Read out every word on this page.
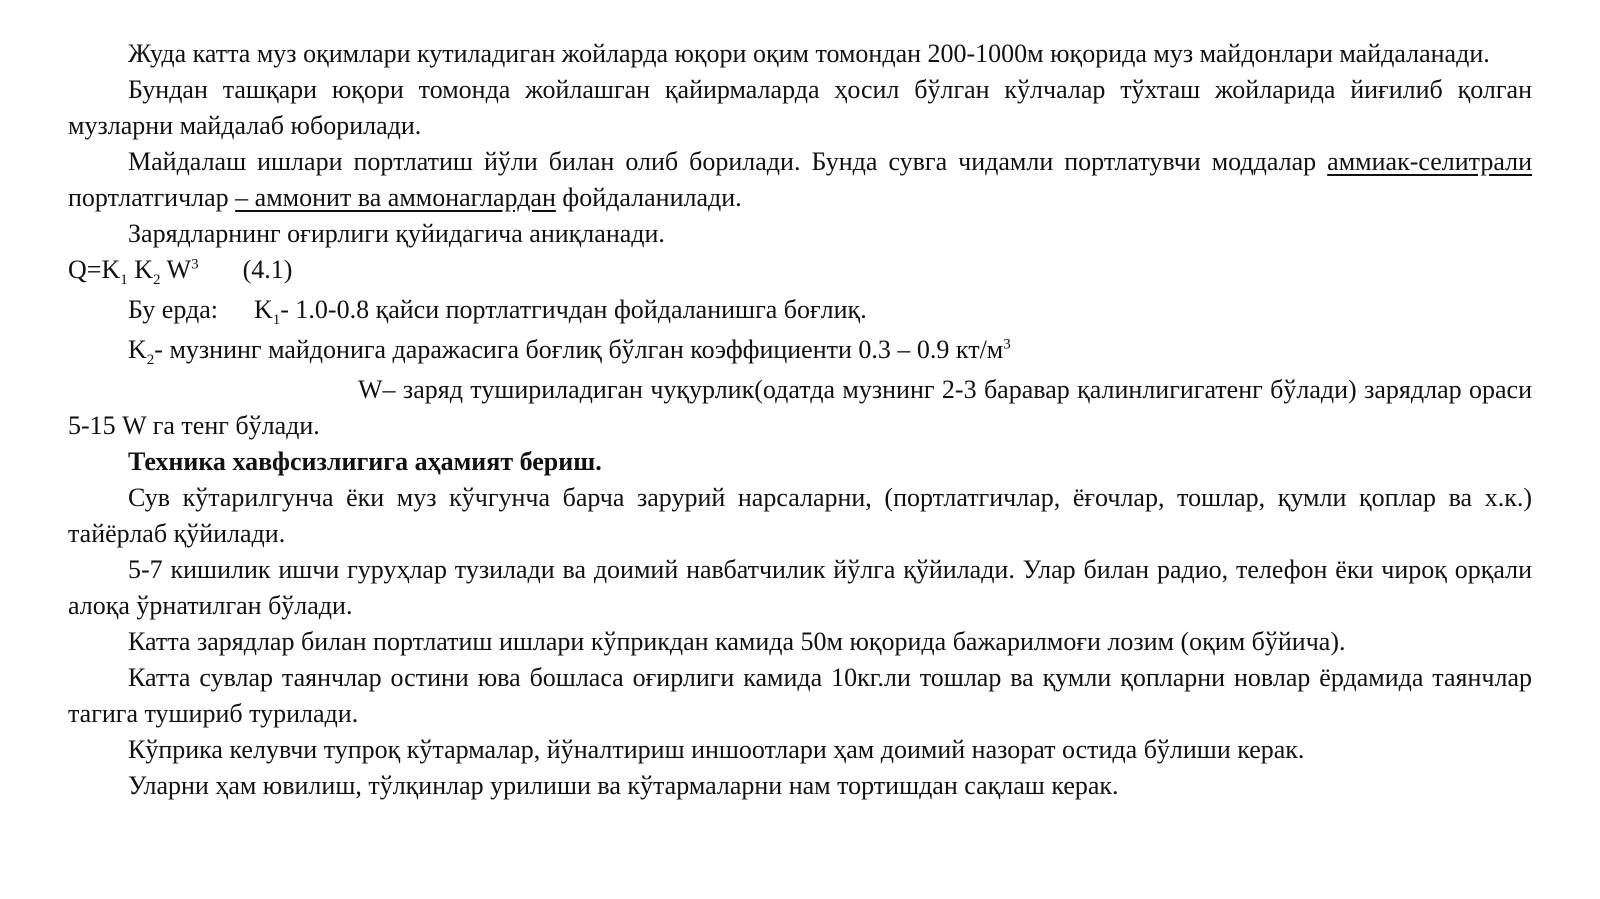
Жуда катта муз оқимлари кутиладиган жойларда юқори оқим томондан 200-1000м юқорида муз майдонлари майдаланади.

Бундан ташқари юқори томонда жойлашган қайирмаларда ҳосил бўлган кўлчалар тўхташ жойларида йиғилиб қолган музларни майдалаб юборилади.

Майдалаш ишлари портлатиш йўли билан олиб борилади. Бунда сувга чидамли портлатувчи моддалар аммиак-селитрали портлатгичлар – аммонит ва аммонаглардан фойдаланилади.

Зарядларнинг оғирлиги қуйидагича аниқланади.

$Q=K_1$ $K_2$ $W^3$ (4.1)

Бу ерда: $K_1-$ 1.0-0.8 қайси портлатгичдан фойдаланишга боғлиқ.

$K_2-$ музнинг майдонига даражасига боғлиқ бўлган коэффициенти 0.3 – 0.9 $кт/м^3$

W– заряд тушириладиган чуқурлик(одатда музнинг 2-3 баравар қалинлигигатенг бўлади) зарядлар ораси 5-15 W га тенг бўлади.

Техника хавфсизлигига аҳамият бериш.

Сув кўтарилгунча ёки муз кўчгунча барча зарурий нарсаларни, (портлатгичлар, ёғочлар, тошлар, қумли қоплар ва х.к.) тайёрлаб қўйилади.

5-7 кишилик ишчи гуруҳлар тузилади ва доимий навбатчилик йўлга қўйилади. Улар билан радио, телефон ёки чироқ орқали алоқа ўрнатилган бўлади.

Катта зарядлар билан портлатиш ишлари кўприкдан камида 50м юқорида бажарилмоғи лозим (оқим бўйича).

Катта сувлар таянчлар остини юва бошласа оғирлиги камида 10кг.ли тошлар ва қумли қопларни новлар ёрдамида таянчлар тагига тушириб турилади.

Кўприка келувчи тупроқ кўтармалар, йўналтириш иншоотлари ҳам доимий назорат остида бўлиши керак.

Уларни ҳам ювилиш, тўлқинлар урилиши ва кўтармаларни нам тортишдан сақлаш керак.
